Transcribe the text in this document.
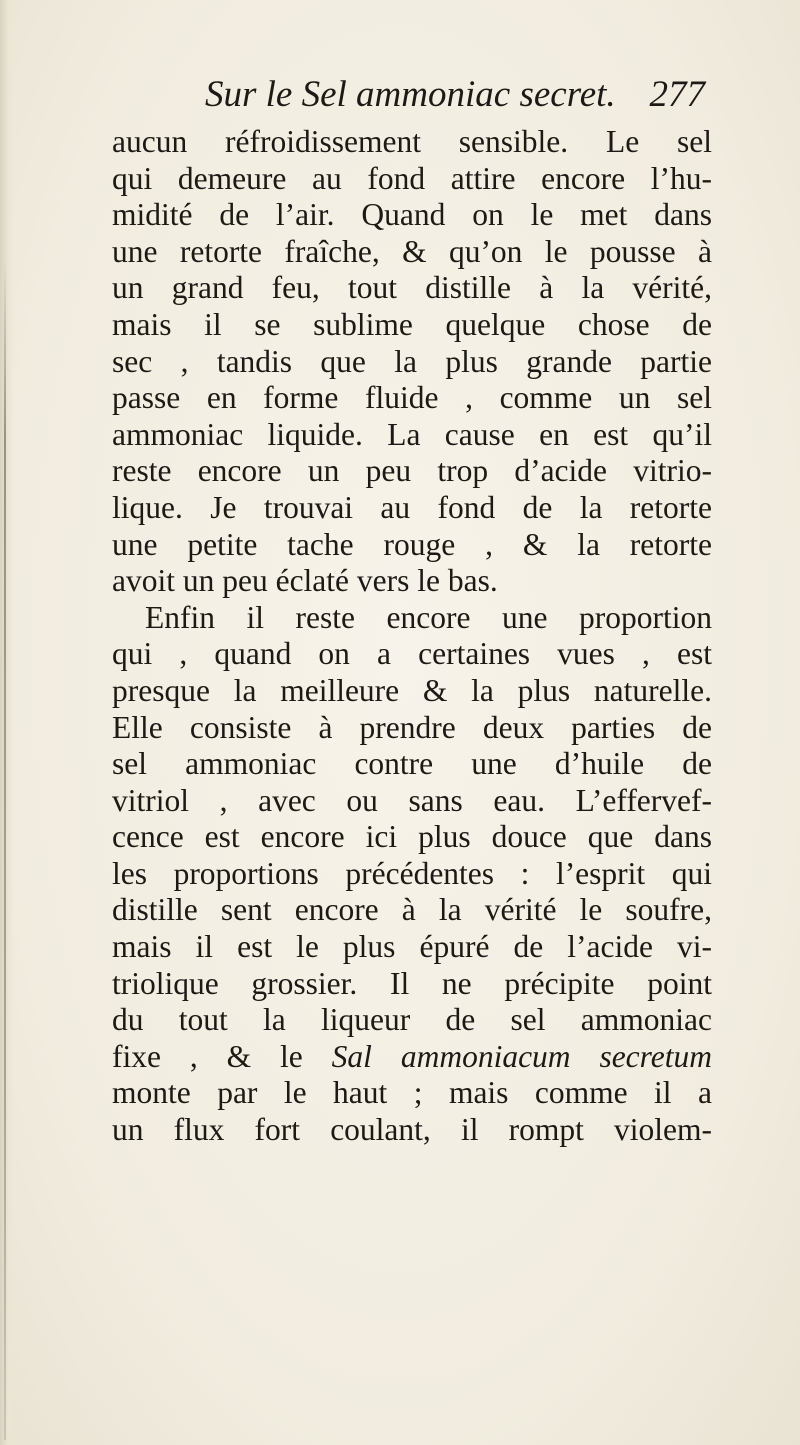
Sur le Sel ammoniac secret. 277
aucun réfroidissement sensible. Le sel
qui demeure au fond attire encore l’hu-
midité de l’air. Quand on le met dans
une retorte fraîche, & qu’on le pousse à
un grand feu, tout distille à la vérité,
mais il se sublime quelque chose de
sec , tandis que la plus grande partie
passe en forme fluide , comme un sel
ammoniac liquide. La cause en est qu’il
reste encore un peu trop d’acide vitrio-
lique. Je trouvai au fond de la retorte
une petite tache rouge , & la retorte
avoit un peu éclaté vers le bas.
Enfin il reste encore une proportion
qui , quand on a certaines vues , est
presque la meilleure & la plus naturelle.
Elle consiste à prendre deux parties de
sel ammoniac contre une d’huile de
vitriol , avec ou sans eau. L’effervef-
cence est encore ici plus douce que dans
les proportions précédentes : l’esprit qui
distille sent encore à la vérité le soufre,
mais il est le plus épuré de l’acide vi-
triolique grossier. Il ne précipite point
du tout la liqueur de sel ammoniac
fixe , & le Sal ammoniacum secretum
monte par le haut ; mais comme il a
un flux fort coulant, il rompt violem-
